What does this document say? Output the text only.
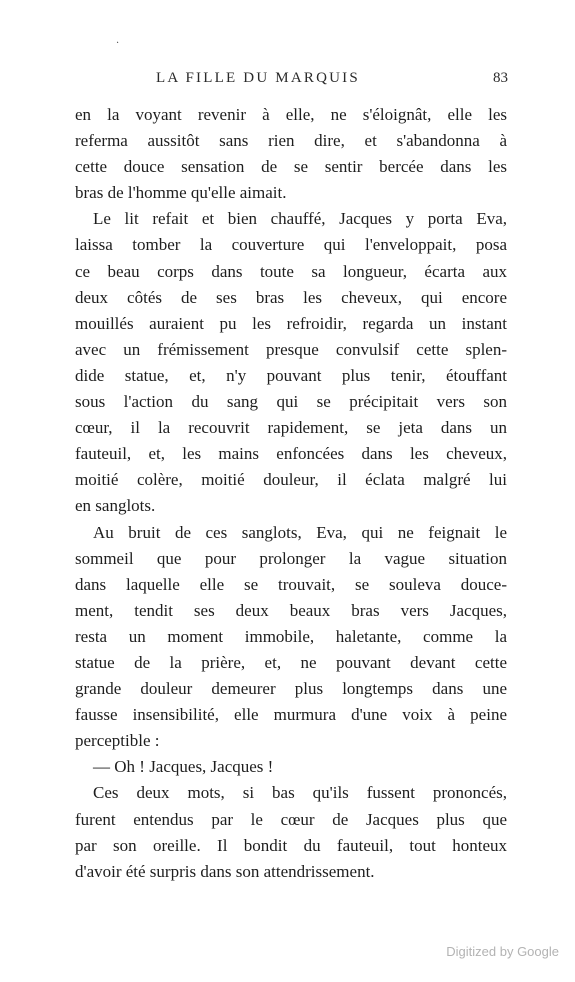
·
LA FILLE DU MARQUIS	83
en la voyant revenir à elle, ne s'éloignât, elle les
referma aussitôt sans rien dire, et s'abandonna à
cette douce sensation de se sentir bercée dans les
bras de l'homme qu'elle aimait.
Le lit refait et bien chauffé, Jacques y porta Eva,
laissa tomber la couverture qui l'enveloppait, posa
ce beau corps dans toute sa longueur, écarta aux
deux côtés de ses bras les cheveux, qui encore
mouillés auraient pu les refroidir, regarda un instant
avec un frémissement presque convulsif cette splen-
dide statue, et, n'y pouvant plus tenir, étouffant
sous l'action du sang qui se précipitait vers son
cœur, il la recouvrit rapidement, se jeta dans un
fauteuil, et, les mains enfoncées dans les cheveux,
moitié colère, moitié douleur, il éclata malgré lui
en sanglots.
Au bruit de ces sanglots, Eva, qui ne feignait le
sommeil que pour prolonger la vague situation
dans laquelle elle se trouvait, se souleva douce-
ment, tendit ses deux beaux bras vers Jacques,
resta un moment immobile, haletante, comme la
statue de la prière, et, ne pouvant devant cette
grande douleur demeurer plus longtemps dans une
fausse insensibilité, elle murmura d'une voix à peine
perceptible :
— Oh ! Jacques, Jacques !
Ces deux mots, si bas qu'ils fussent prononcés,
furent entendus par le cœur de Jacques plus que
par son oreille. Il bondit du fauteuil, tout honteux
d'avoir été surpris dans son attendrissement.
Digitized by Google
